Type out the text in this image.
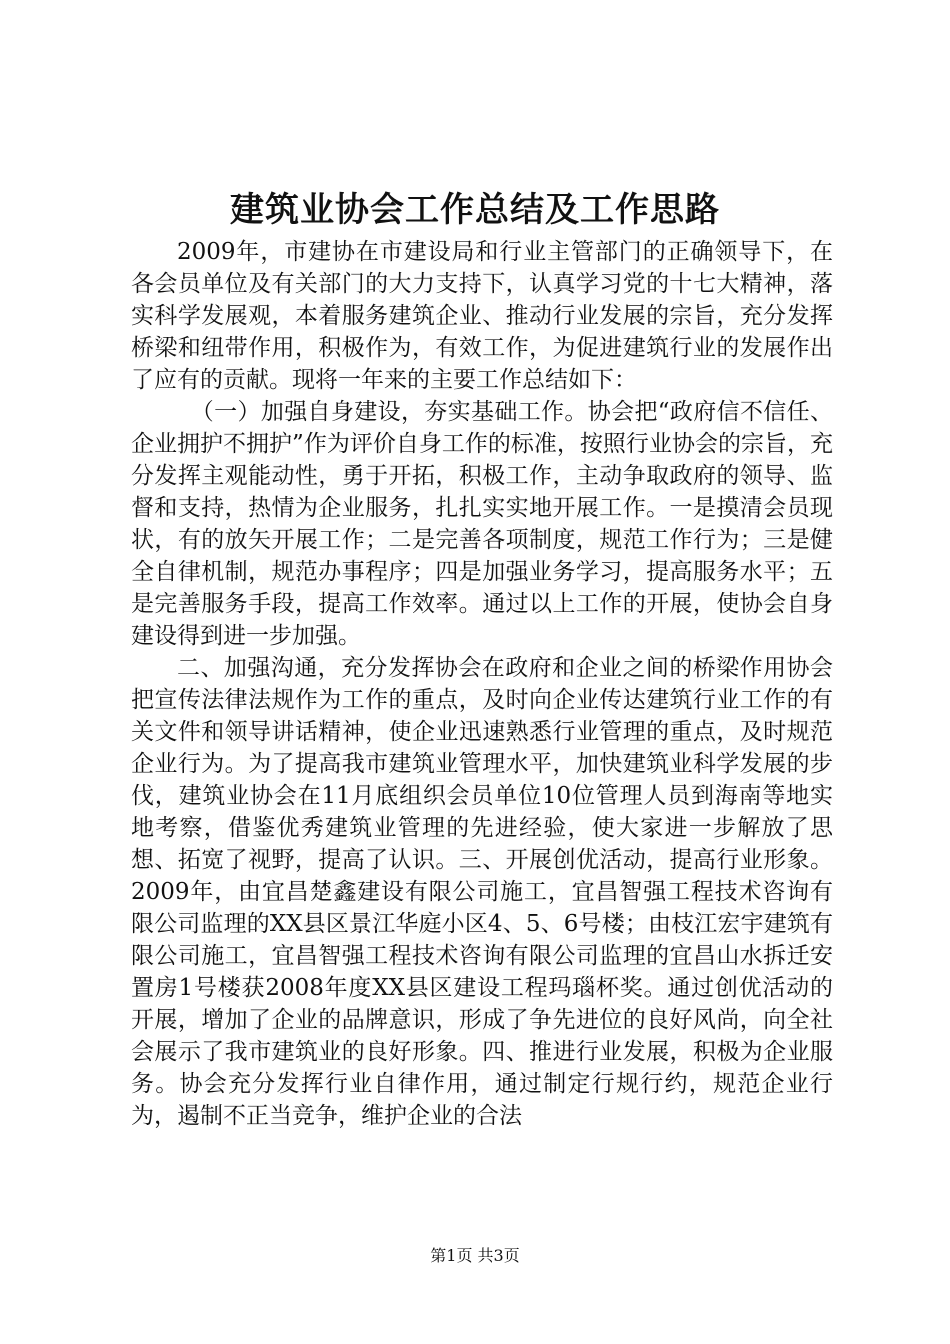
建筑业协会工作总结及工作思路

2009年，市建协在市建设局和行业主管部门的正确领导下，在各会员单位及有关部门的大力支持下，认真学习党的十七大精神，落实科学发展观，本着服务建筑企业、推动行业发展的宗旨，充分发挥桥梁和纽带作用，积极作为，有效工作，为促进建筑行业的发展作出了应有的贡献。现将一年来的主要工作总结如下：

（一）加强自身建设，夯实基础工作。协会把“政府信不信任、企业拥护不拥护”作为评价自身工作的标准，按照行业协会的宗旨，充分发挥主观能动性，勇于开拓，积极工作，主动争取政府的领导、监督和支持，热情为企业服务，扎扎实实地开展工作。一是摸清会员现状，有的放矢开展工作；二是完善各项制度，规范工作行为；三是健全自律机制，规范办事程序；四是加强业务学习，提高服务水平；五是完善服务手段，提高工作效率。通过以上工作的开展，使协会自身建设得到进一步加强。

二、加强沟通，充分发挥协会在政府和企业之间的桥梁作用协会把宣传法律法规作为工作的重点，及时向企业传达建筑行业工作的有关文件和领导讲话精神，使企业迅速熟悉行业管理的重点，及时规范企业行为。为了提高我市建筑业管理水平，加快建筑业科学发展的步伐，建筑业协会在11月底组织会员单位10位管理人员到海南等地实地考察，借鉴优秀建筑业管理的先进经验，使大家进一步解放了思想、拓宽了视野，提高了认识。三、开展创优活动，提高行业形象。2009年，由宜昌楚鑫建设有限公司施工，宜昌智强工程技术咨询有限公司监理的XX县区景江华庭小区4、5、6号楼；由枝江宏宇建筑有限公司施工，宜昌智强工程技术咨询有限公司监理的宜昌山水拆迁安置房1号楼获2008年度XX县区建设工程玛瑙杯奖。通过创优活动的开展，增加了企业的品牌意识，形成了争先进位的良好风尚，向全社会展示了我市建筑业的良好形象。四、推进行业发展，积极为企业服务。协会充分发挥行业自律作用，通过制定行规行约，规范企业行为，遏制不正当竞争，维护企业的合法

第1页 共3页
